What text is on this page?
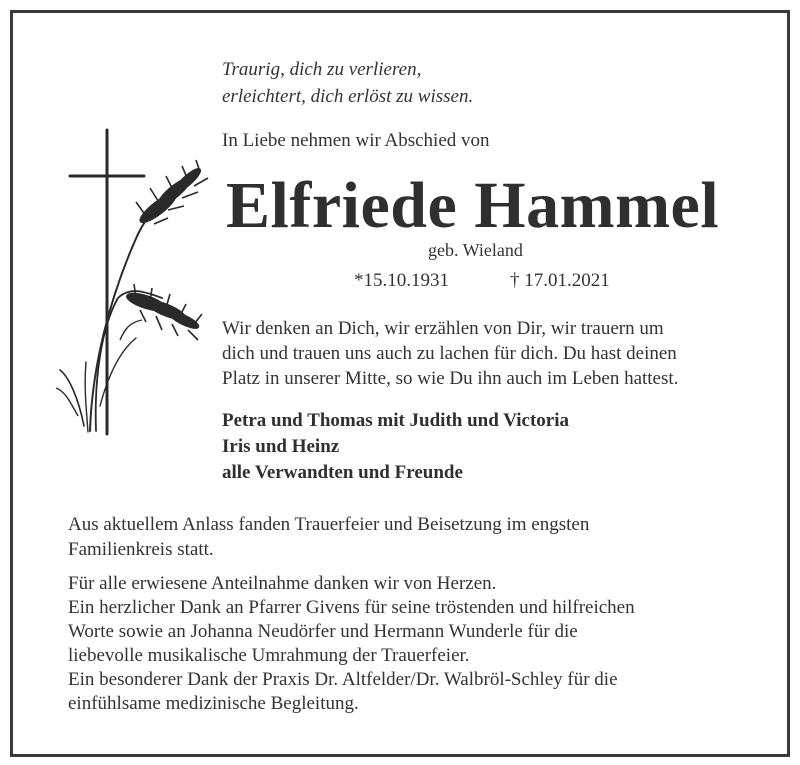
Traurig, dich zu verlieren,
erleichtert, dich erlöst zu wissen.
In Liebe nehmen wir Abschied von
Elfriede Hammel
geb. Wieland
*15.10.1931	† 17.01.2021
Wir denken an Dich, wir erzählen von Dir, wir trauern um
dich und trauen uns auch zu lachen für dich. Du hast deinen
Platz in unserer Mitte, so wie Du ihn auch im Leben hattest.
Petra und Thomas mit Judith und Victoria
Iris und Heinz
alle Verwandten und Freunde
Aus aktuellem Anlass fanden Trauerfeier und Beisetzung im engsten
Familienkreis statt.
Für alle erwiesene Anteilnahme danken wir von Herzen.
Ein herzlicher Dank an Pfarrer Givens für seine tröstenden und hilfreichen
Worte sowie an Johanna Neudörfer und Hermann Wunderle für die
liebevolle musikalische Umrahmung der Trauerfeier.
Ein besonderer Dank der Praxis Dr. Altfelder/Dr. Walbröl-Schley für die
einfühlsame medizinische Begleitung.
